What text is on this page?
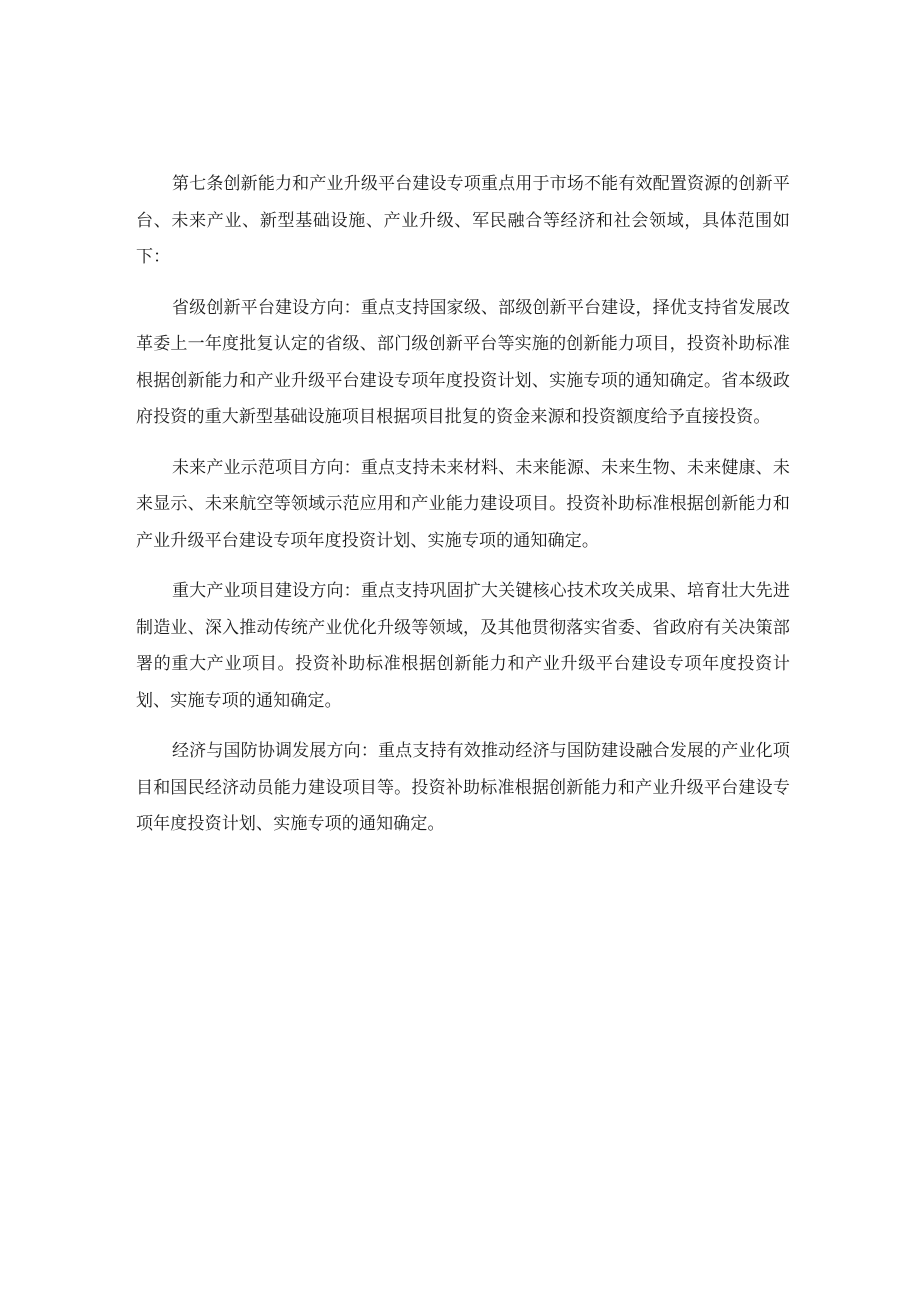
第七条创新能力和产业升级平台建设专项重点用于市场不能有效配置资源的创新平台、未来产业、新型基础设施、产业升级、军民融合等经济和社会领域，具体范围如下：

省级创新平台建设方向：重点支持国家级、部级创新平台建设，择优支持省发展改革委上一年度批复认定的省级、部门级创新平台等实施的创新能力项目，投资补助标准根据创新能力和产业升级平台建设专项年度投资计划、实施专项的通知确定。省本级政府投资的重大新型基础设施项目根据项目批复的资金来源和投资额度给予直接投资。

未来产业示范项目方向：重点支持未来材料、未来能源、未来生物、未来健康、未来显示、未来航空等领域示范应用和产业能力建设项目。投资补助标准根据创新能力和产业升级平台建设专项年度投资计划、实施专项的通知确定。

重大产业项目建设方向：重点支持巩固扩大关键核心技术攻关成果、培育壮大先进制造业、深入推动传统产业优化升级等领域，及其他贯彻落实省委、省政府有关决策部署的重大产业项目。投资补助标准根据创新能力和产业升级平台建设专项年度投资计划、实施专项的通知确定。

经济与国防协调发展方向：重点支持有效推动经济与国防建设融合发展的产业化项目和国民经济动员能力建设项目等。投资补助标准根据创新能力和产业升级平台建设专项年度投资计划、实施专项的通知确定。
